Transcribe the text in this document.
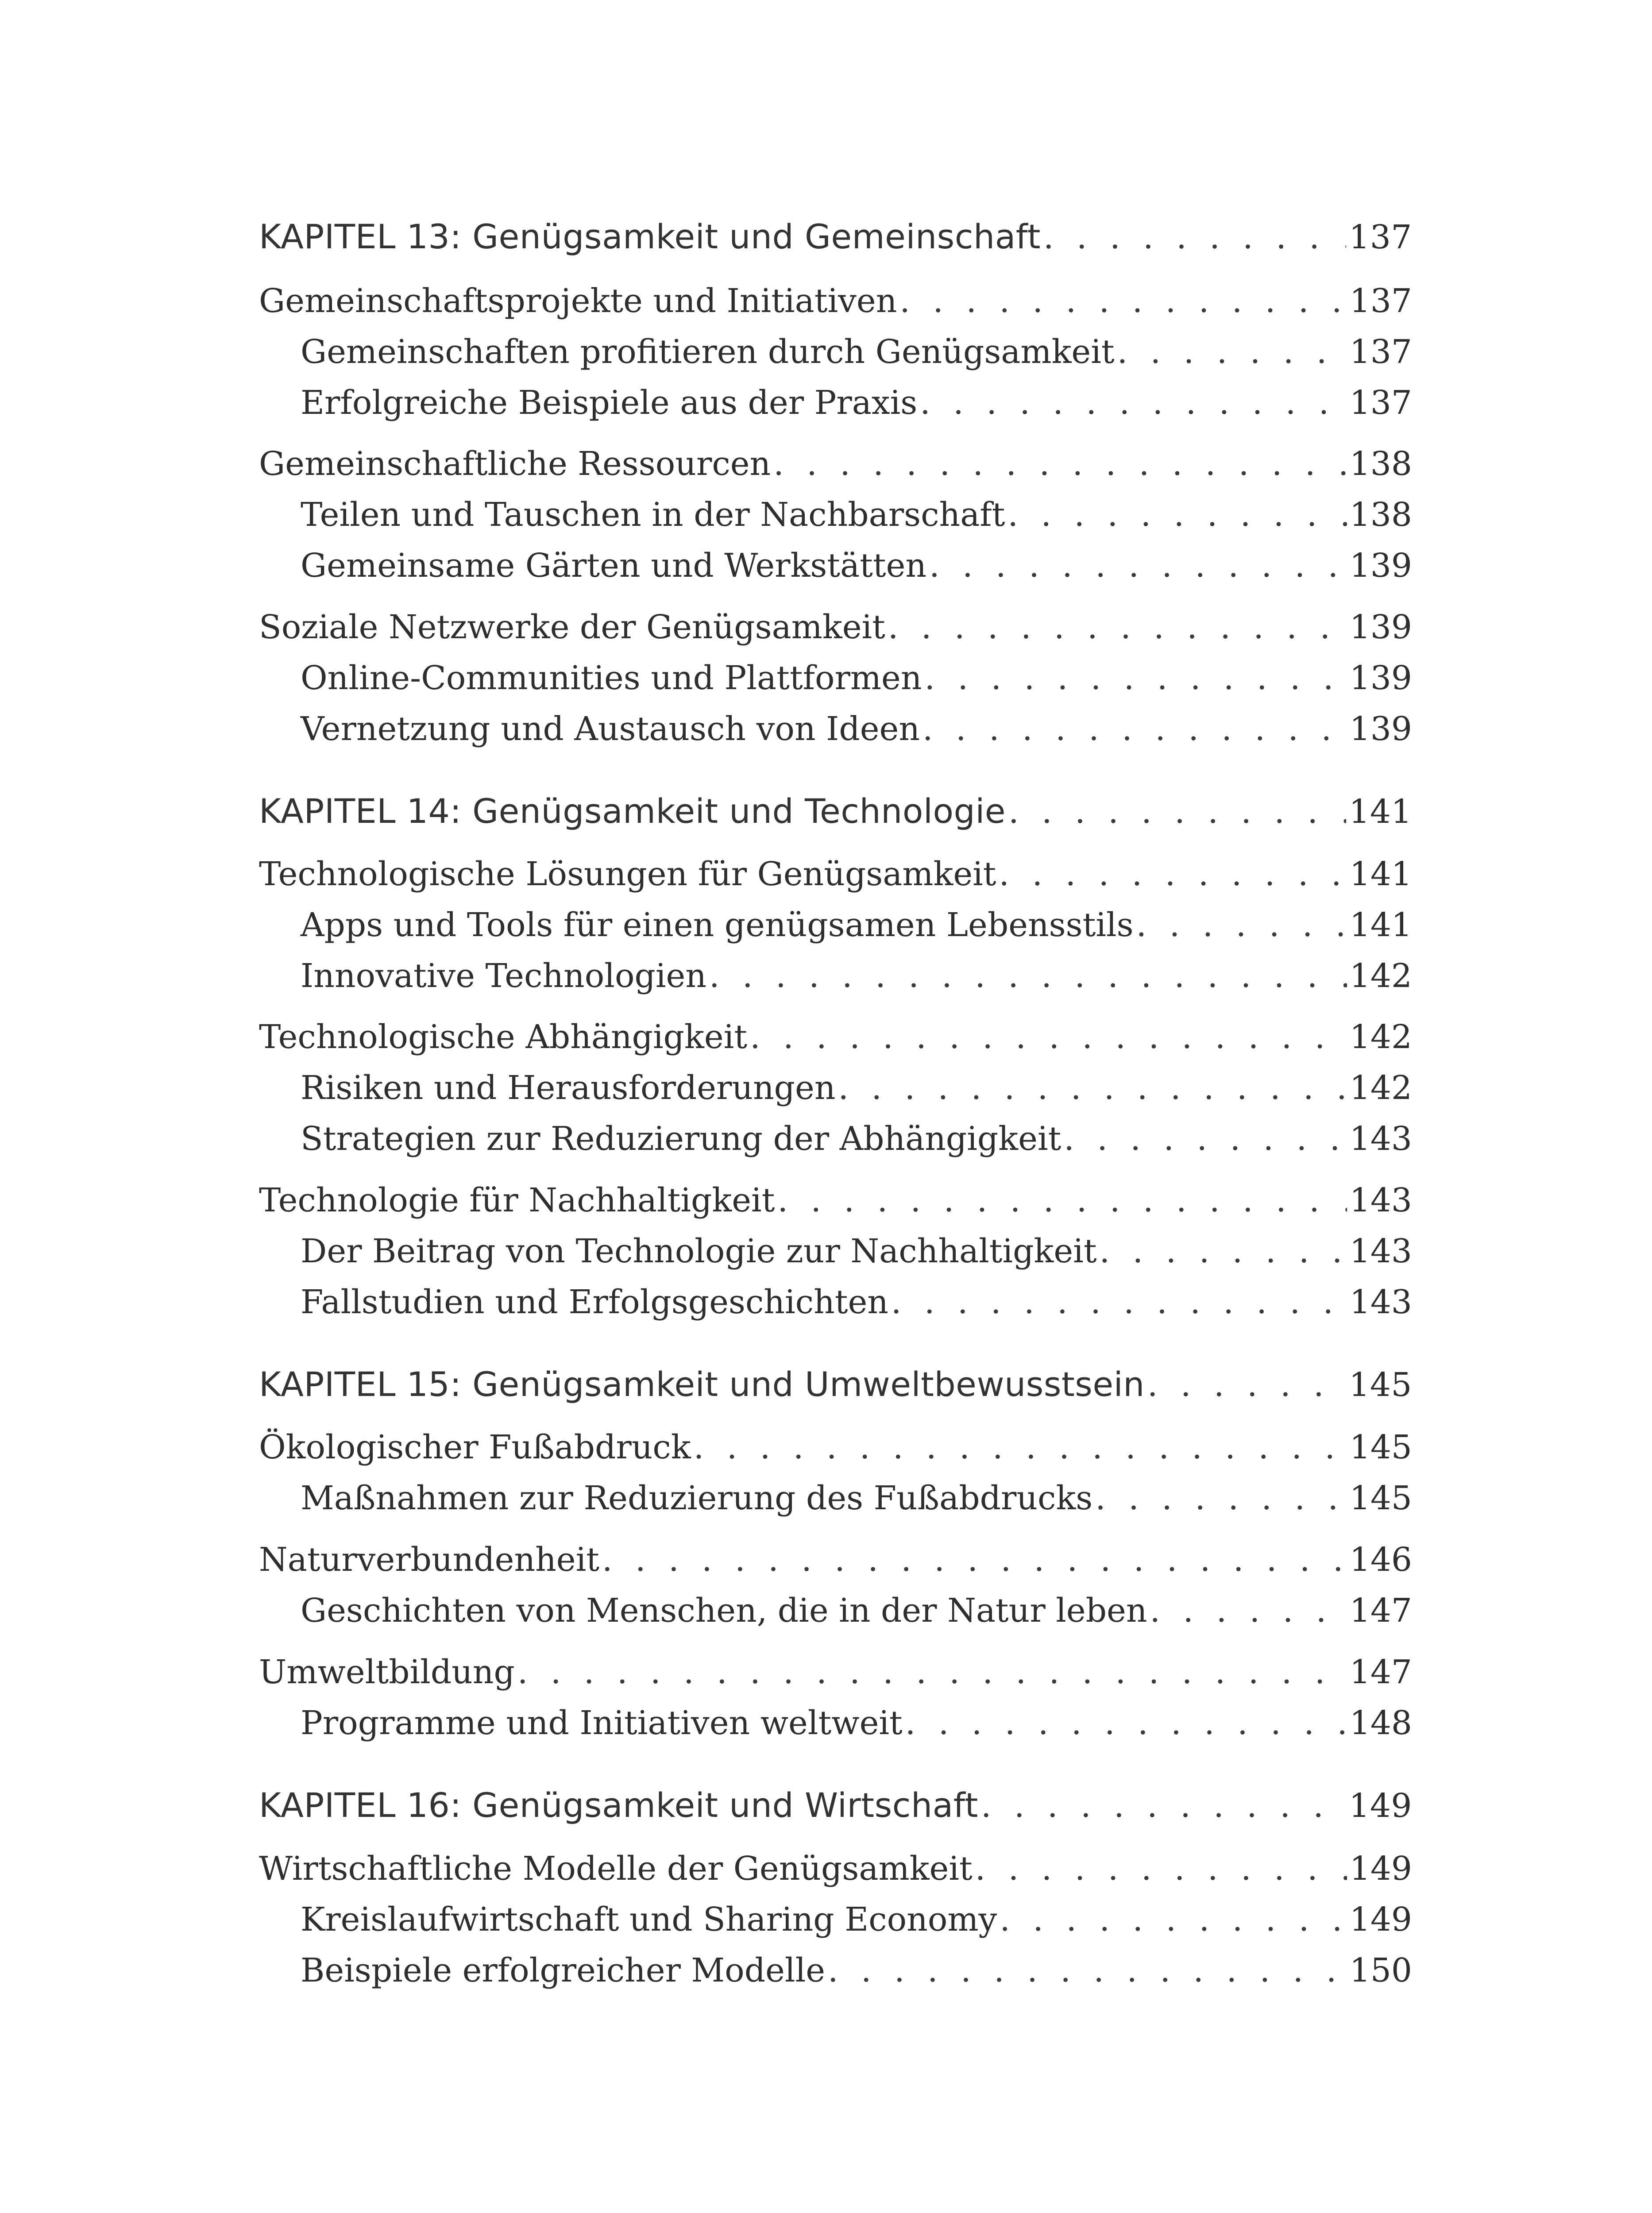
KAPITEL 13: Genügsamkeit und Gemeinschaft . . .	137
Gemeinschaftsprojekte und Initiativen . . .	137
Gemeinschaften profitieren durch Genügsamkeit . . .	137
Erfolgreiche Beispiele aus der Praxis . . .	137
Gemeinschaftliche Ressourcen . . .	138
Teilen und Tauschen in der Nachbarschaft . . .	138
Gemeinsame Gärten und Werkstätten . . .	139
Soziale Netzwerke der Genügsamkeit . . .	139
Online-Communities und Plattformen . . .	139
Vernetzung und Austausch von Ideen . . .	139
KAPITEL 14: Genügsamkeit und Technologie . . .	141
Technologische Lösungen für Genügsamkeit . . .	141
Apps und Tools für einen genügsamen Lebensstils . . .	141
Innovative Technologien . . .	142
Technologische Abhängigkeit . . .	142
Risiken und Herausforderungen . . .	142
Strategien zur Reduzierung der Abhängigkeit . . .	143
Technologie für Nachhaltigkeit . . .	143
Der Beitrag von Technologie zur Nachhaltigkeit . . .	143
Fallstudien und Erfolgsgeschichten . . .	143
KAPITEL 15: Genügsamkeit und Umweltbewusstsein . . .	145
Ökologischer Fußabdruck . . .	145
Maßnahmen zur Reduzierung des Fußabdrucks . . .	145
Naturverbundenheit . . .	146
Geschichten von Menschen, die in der Natur leben . . .	147
Umweltbildung . . .	147
Programme und Initiativen weltweit . . .	148
KAPITEL 16: Genügsamkeit und Wirtschaft . . .	149
Wirtschaftliche Modelle der Genügsamkeit . . .	149
Kreislaufwirtschaft und Sharing Economy . . .	149
Beispiele erfolgreicher Modelle . . .	150
